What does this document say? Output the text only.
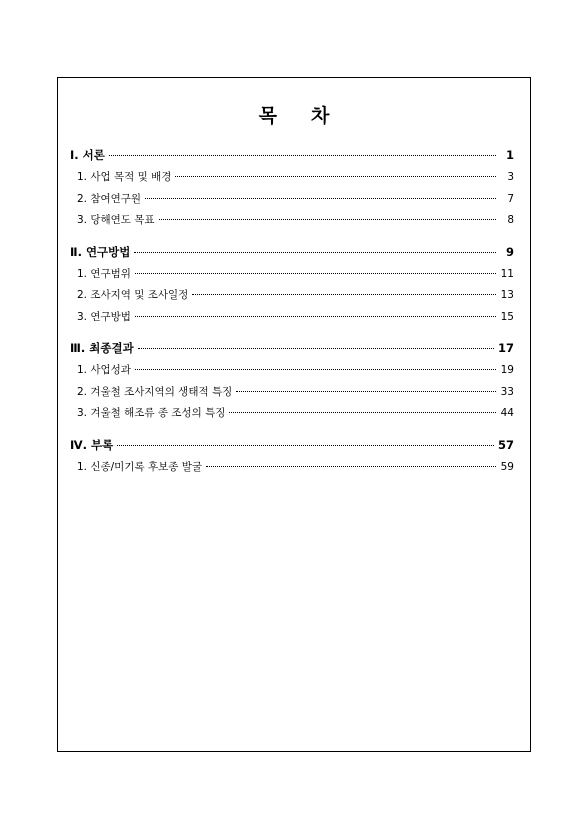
목 차
I. 서론	1
1. 사업 목적 및 배경	3
2. 참여연구원	7
3. 당해연도 목표	8
Ⅱ. 연구방법	9
1. 연구범위	11
2. 조사지역 및 조사일정	13
3. 연구방법	15
Ⅲ. 최종결과	17
1. 사업성과	19
2. 겨울철 조사지역의 생태적 특징	33
3. 겨울철 해조류 종 조성의 특징	44
Ⅳ. 부록	57
1. 신종/미기록 후보종 발굴	59
